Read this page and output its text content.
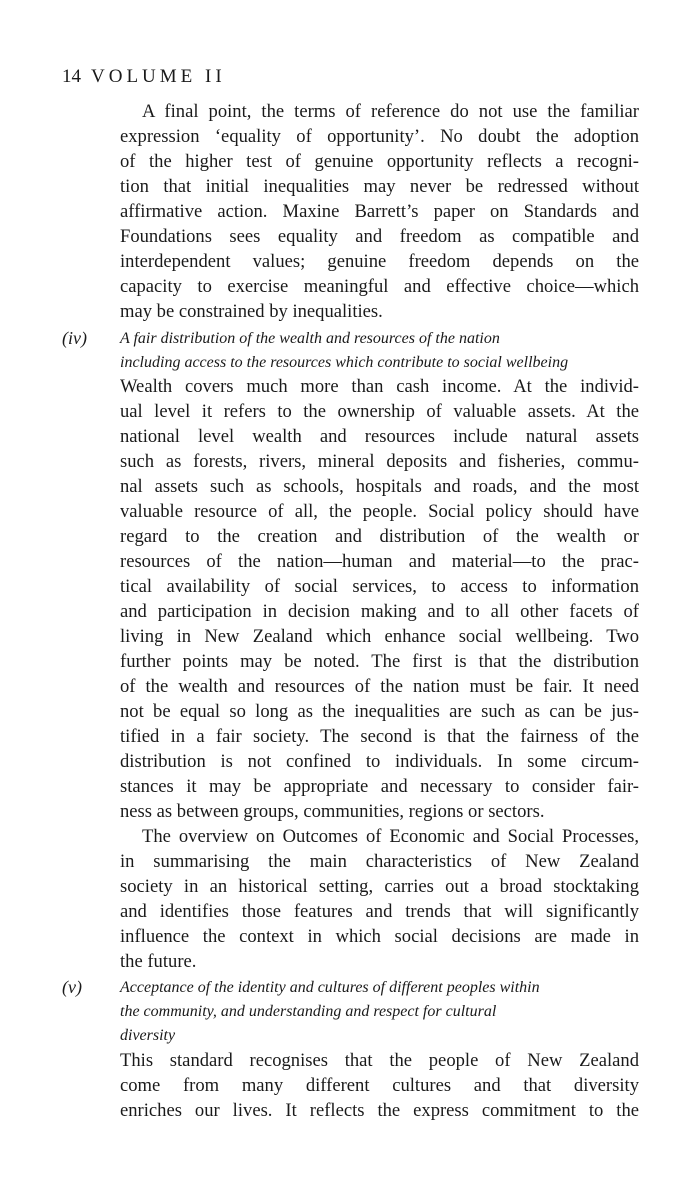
14 VOLUME II
A final point, the terms of reference do not use the familiar
expression ‘equality of opportunity’. No doubt the adoption
of the higher test of genuine opportunity reflects a recogni-
tion that initial inequalities may never be redressed without
affirmative action. Maxine Barrett’s paper on Standards and
Foundations sees equality and freedom as compatible and
interdependent values; genuine freedom depends on the
capacity to exercise meaningful and effective choice—which
may be constrained by inequalities.
(iv) A fair distribution of the wealth and resources of the nation
including access to the resources which contribute to social wellbeing
Wealth covers much more than cash income. At the individ-
ual level it refers to the ownership of valuable assets. At the
national level wealth and resources include natural assets
such as forests, rivers, mineral deposits and fisheries, commu-
nal assets such as schools, hospitals and roads, and the most
valuable resource of all, the people. Social policy should have
regard to the creation and distribution of the wealth or
resources of the nation—human and material—to the prac-
tical availability of social services, to access to information
and participation in decision making and to all other facets of
living in New Zealand which enhance social wellbeing. Two
further points may be noted. The first is that the distribution
of the wealth and resources of the nation must be fair. It need
not be equal so long as the inequalities are such as can be jus-
tified in a fair society. The second is that the fairness of the
distribution is not confined to individuals. In some circum-
stances it may be appropriate and necessary to consider fair-
ness as between groups, communities, regions or sectors.
The overview on Outcomes of Economic and Social Processes,
in summarising the main characteristics of New Zealand
society in an historical setting, carries out a broad stocktaking
and identifies those features and trends that will significantly
influence the context in which social decisions are made in
the future.
(v) Acceptance of the identity and cultures of different peoples within
the community, and understanding and respect for cultural
diversity
This standard recognises that the people of New Zealand
come from many different cultures and that diversity
enriches our lives. It reflects the express commitment to the
